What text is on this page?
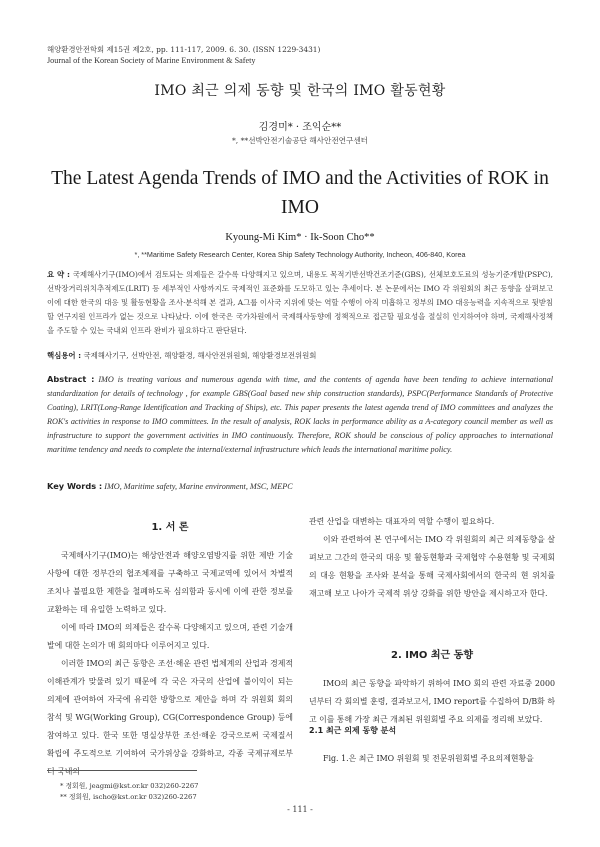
해양환경안전학회 제15권 제2호, pp. 111-117, 2009. 6. 30. (ISSN 1229-3431)
Journal of the Korean Society of Marine Environment & Safety
IMO 최근 의제 동향 및 한국의 IMO 활동현황
김경미* · 조익순**
*, **선박안전기술공단 해사안전연구센터
The Latest Agenda Trends of IMO and the Activities of ROK in IMO
Kyoung-Mi Kim* · Ik-Soon Cho**
*, **Maritime Safety Research Center, Korea Ship Safety Technology Authority, Incheon, 406-840, Korea
요 약 : 국제해사기구(IMO)에서 검토되는 의제들은 갈수록 다양해지고 있으며, 내용도 목적기반선박건조기준(GBS), 선체보호도료의 성능기준개발(PSPC), 선박장거리위치추적제도(LRIT) 등 세부적인 사항까지도 국제적인 표준화를 도모하고 있는 추세이다. 본 논문에서는 IMO 각 위원회의 최근 동향을 살펴보고 이에 대한 한국의 대응 및 활동현황을 조사·분석해 본 결과, A그룹 이사국 지위에 맞는 역할 수행이 아직 미흡하고 정부의 IMO 대응능력을 지속적으로 뒷받침 할 연구지원 인프라가 없는 것으로 나타났다. 이에 한국은 국가차원에서 국제해사동향에 정책적으로 접근할 필요성을 절실히 인지하여야 하며, 국제해사정책을 주도할 수 있는 국내외 인프라 완비가 필요하다고 판단된다.
핵심용어 : 국제해사기구, 선박안전, 해양환경, 해사안전위원회, 해양환경보전위원회
Abstract : IMO is treating various and numerous agenda with time, and the contents of agenda have been tending to achieve international standardization for details of technology , for example GBS(Goal based new ship construction standards), PSPC(Performance Standards of Protective Coating), LRIT(Long-Range Identification and Tracking of Ships), etc. This paper presents the latest agenda trend of IMO committees and analyzes the ROK's activities in response to IMO committees. In the result of analysis, ROK lacks in performance ability as a A-category council member as well as infrastructure to support the government activities in IMO continuously. Therefore, ROK should be conscious of policy approaches to international maritime tendency and needs to complete the internal/external infrastructure which leads the international maritime policy.
Key Words : IMO, Maritime safety, Marine environment, MSC, MEPC
1. 서 론

국제해사기구(IMO)는 해상안전과 해양오염방지를 위한 제반 기술사항에 대한 정부간의 협조체제를 구축하고 국제교역에 있어서 차별적 조치나 불필요한 제한을 철폐하도록 심의함과 동시에 이에 관한 정보를 교환하는 데 유일한 노력하고 있다.

이에 따라 IMO의 의제들은 갈수록 다양해지고 있으며, 관련 기술개발에 대한 논의가 매 회의마다 이루어지고 있다.

이러한 IMO의 최근 동향은 조선·해운 관련 법체계의 산업과 경제적 이해관계가 맞물려 있기 때문에 각 국은 자국의 산업에 불이익이 되는 의제에 관여하여 자국에 유리한 방향으로 제안을 하며 각 위원회 회의 참석 및 WG(Working Group), CG(Correspondence Group) 등에 참여하고 있다. 한국 또한 명실상부한 조선·해운 강국으로써 국제질서 확립에 주도적으로 기여하여 국가위상을 강화하고, 각종 국제규제로부터 국내의

관련 산업을 대변하는 대표자의 역할 수행이 필요하다.

이와 관련하여 본 연구에서는 IMO 각 위원회의 최근 의제동향을 살펴보고 그간의 한국의 대응 및 활동현황과 국제협약 수용현황 및 국제회의 대응 현황을 조사와 분석을 통해 국제사회에서의 한국의 현 위치를 재고해 보고 나아가 국제적 위상 강화를 위한 방안을 제시하고자 한다.

2. IMO 최근 동향

IMO의 최근 동향을 파악하기 위하여 IMO 회의 관련 자료중 2000년부터 각 회의별 훈령, 결과보고서, IMO report를 수집하여 D/B화 하고 이를 통해 가장 최근 개최된 위원회별 주요 의제를 정리해 보았다.

2.1 최근 의제 동향 분석

Fig. 1.은 최근 IMO 위원회 및 전문위원회별 주요의제현황을

* 정회원, jeagmi@kst.or.kr 032)260-2267
** 정회원, ischo@kst.or.kr 032)260-2267
- 111 -
